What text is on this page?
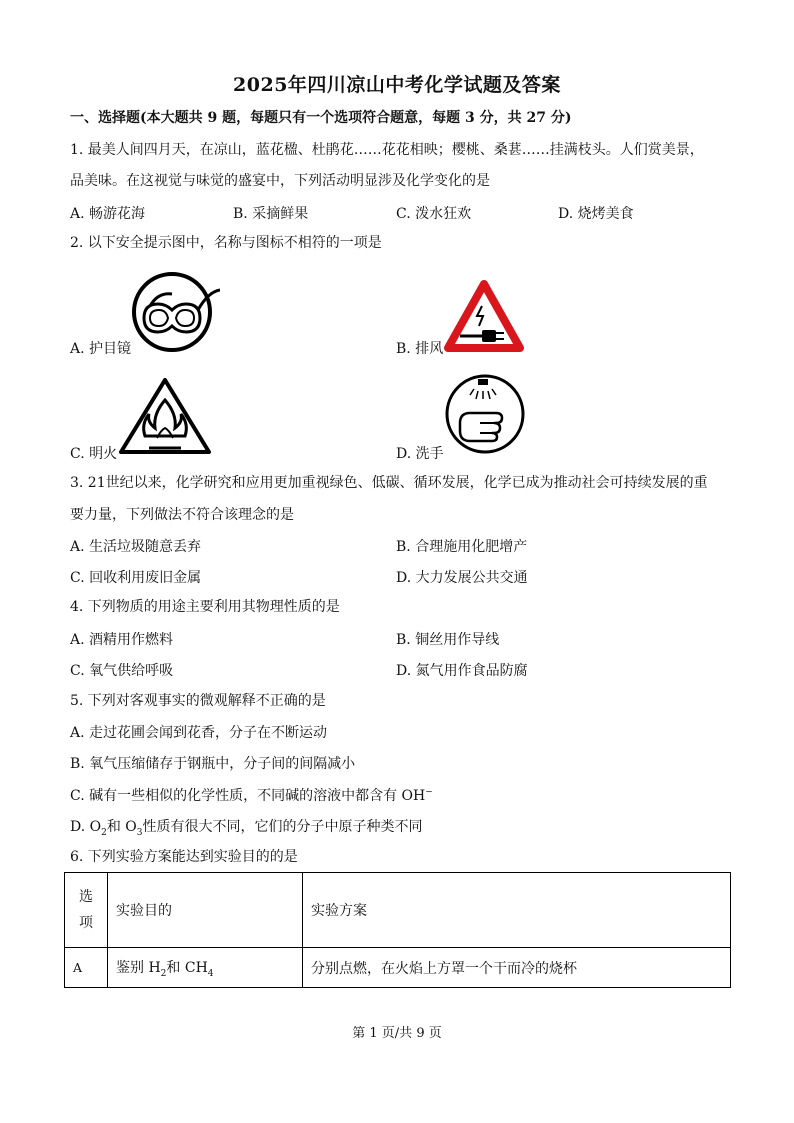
2025年四川凉山中考化学试题及答案
一、选择题(本大题共 9 题，每题只有一个选项符合题意，每题 3 分，共 27 分)
1. 最美人间四月天，在凉山，蓝花楹、杜鹃花……花花相映；樱桃、桑葚……挂满枝头。人们赏美景，
品美味。在这视觉与味觉的盛宴中，下列活动明显涉及化学变化的是
A. 畅游花海	B. 采摘鲜果	C. 泼水狂欢	D. 烧烤美食
2. 以下安全提示图中，名称与图标不相符的一项是
A. 护目镜	B. 排风
C. 明火	D. 洗手
3. 21世纪以来，化学研究和应用更加重视绿色、低碳、循环发展，化学已成为推动社会可持续发展的重
要力量，下列做法不符合该理念的是
A. 生活垃圾随意丢弃	B. 合理施用化肥增产
C. 回收利用废旧金属	D. 大力发展公共交通
4. 下列物质的用途主要利用其物理性质的是
A. 酒精用作燃料	B. 铜丝用作导线
C. 氧气供给呼吸	D. 氮气用作食品防腐
5. 下列对客观事实的微观解释不正确的是
A. 走过花圃会闻到花香，分子在不断运动
B. 氧气压缩储存于钢瓶中，分子间的间隔减小
C. 碱有一些相似的化学性质，不同碱的溶液中都含有 OH−
D. $O_2$和 $O_3$性质有很大不同，它们的分子中原子种类不同
6. 下列实验方案能达到实验目的的是
选项	实验目的	实验方案
A	鉴别 $H_2$和 $CH_4$	分别点燃，在火焰上方罩一个干而冷的烧杯
第 1 页/共 9 页
